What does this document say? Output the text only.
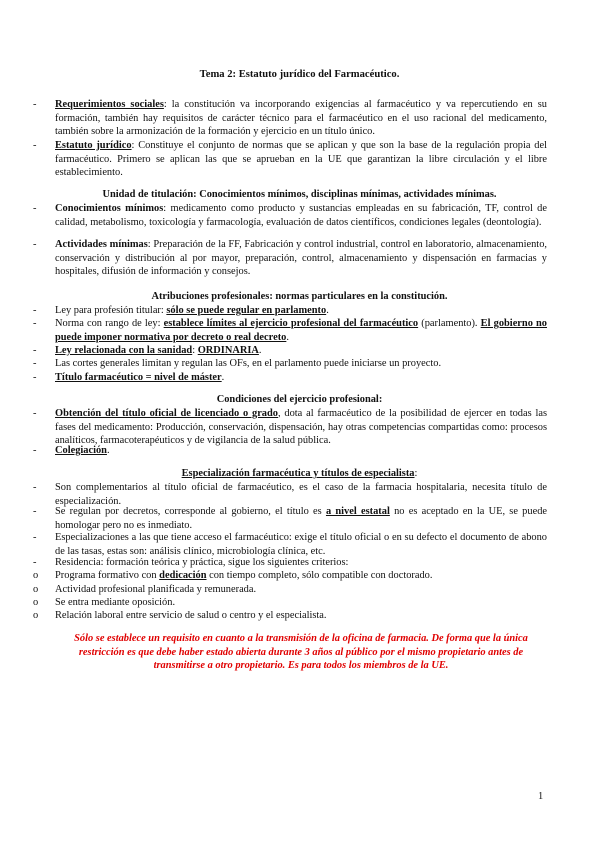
Tema 2: Estatuto jurídico del Farmacéutico.
-	Requerimientos sociales: la constitución va incorporando exigencias al farmacéutico y va repercutiendo en su formación, también hay requisitos de carácter técnico para el farmacéutico en el uso racional del medicamento, también sobre la armonización de la formación y ejercicio en un título único.
-	Estatuto jurídico: Constituye el conjunto de normas que se aplican y que son la base de la regulación propia del farmacéutico. Primero se aplican las que se aprueban en la UE que garantizan la libre circulación y el libre establecimiento.
Unidad de titulación: Conocimientos mínimos, disciplinas mínimas, actividades mínimas.
-	Conocimientos mínimos: medicamento como producto y sustancias empleadas en su fabricación, TF, control de calidad, metabolismo, toxicología y farmacología, evaluación de datos científicos, condiciones legales (deontología).
-	Actividades mínimas: Preparación de la FF, Fabricación y control industrial, control en laboratorio, almacenamiento, conservación y distribución al por mayor, preparación, control, almacenamiento y dispensación en farmacias y hospitales, difusión de información y consejos.
Atribuciones profesionales: normas particulares en la constitución.
-	Ley para profesión titular: sólo se puede regular en parlamento.
-	Norma con rango de ley: establece límites al ejercicio profesional del farmacéutico (parlamento). El gobierno no puede imponer normativa por decreto o real decreto.
-	Ley relacionada con la sanidad: ORDINARIA.
-	Las cortes generales limitan y regulan las OFs, en el parlamento puede iniciarse un proyecto.
-	Título farmacéutico = nivel de máster.
Condiciones del ejercicio profesional:
-	Obtención del título oficial de licenciado o grado, dota al farmacéutico de la posibilidad de ejercer en todas las fases del medicamento: Producción, conservación, dispensación, hay otras competencias compartidas como: procesos analíticos, farmacoterapéuticos y de vigilancia de la salud pública.
-	Colegiación.
Especialización farmacéutica y títulos de especialista:
-	Son complementarios al título oficial de farmacéutico, es el caso de la farmacia hospitalaria, necesita título de especialización.
-	Se regulan por decretos, corresponde al gobierno, el título es a nivel estatal no es aceptado en la UE, se puede homologar pero no es inmediato.
-	Especializaciones a las que tiene acceso el farmacéutico: exige el título oficial o en su defecto el documento de abono de las tasas, estas son: análisis clínico, microbiología clínica, etc.
-	Residencia: formación teórica y práctica, sigue los siguientes criterios:
o	Programa formativo con dedicación con tiempo completo, sólo compatible con doctorado.
o	Actividad profesional planificada y remunerada.
o	Se entra mediante oposición.
o	Relación laboral entre servicio de salud o centro y el especialista.
Sólo se establece un requisito en cuanto a la transmisión de la oficina de farmacia. De forma que la única restricción es que debe haber estado abierta durante 3 años al público por el mismo propietario antes de transmitirse a otro propietario. Es para todos los miembros de la UE.
1
